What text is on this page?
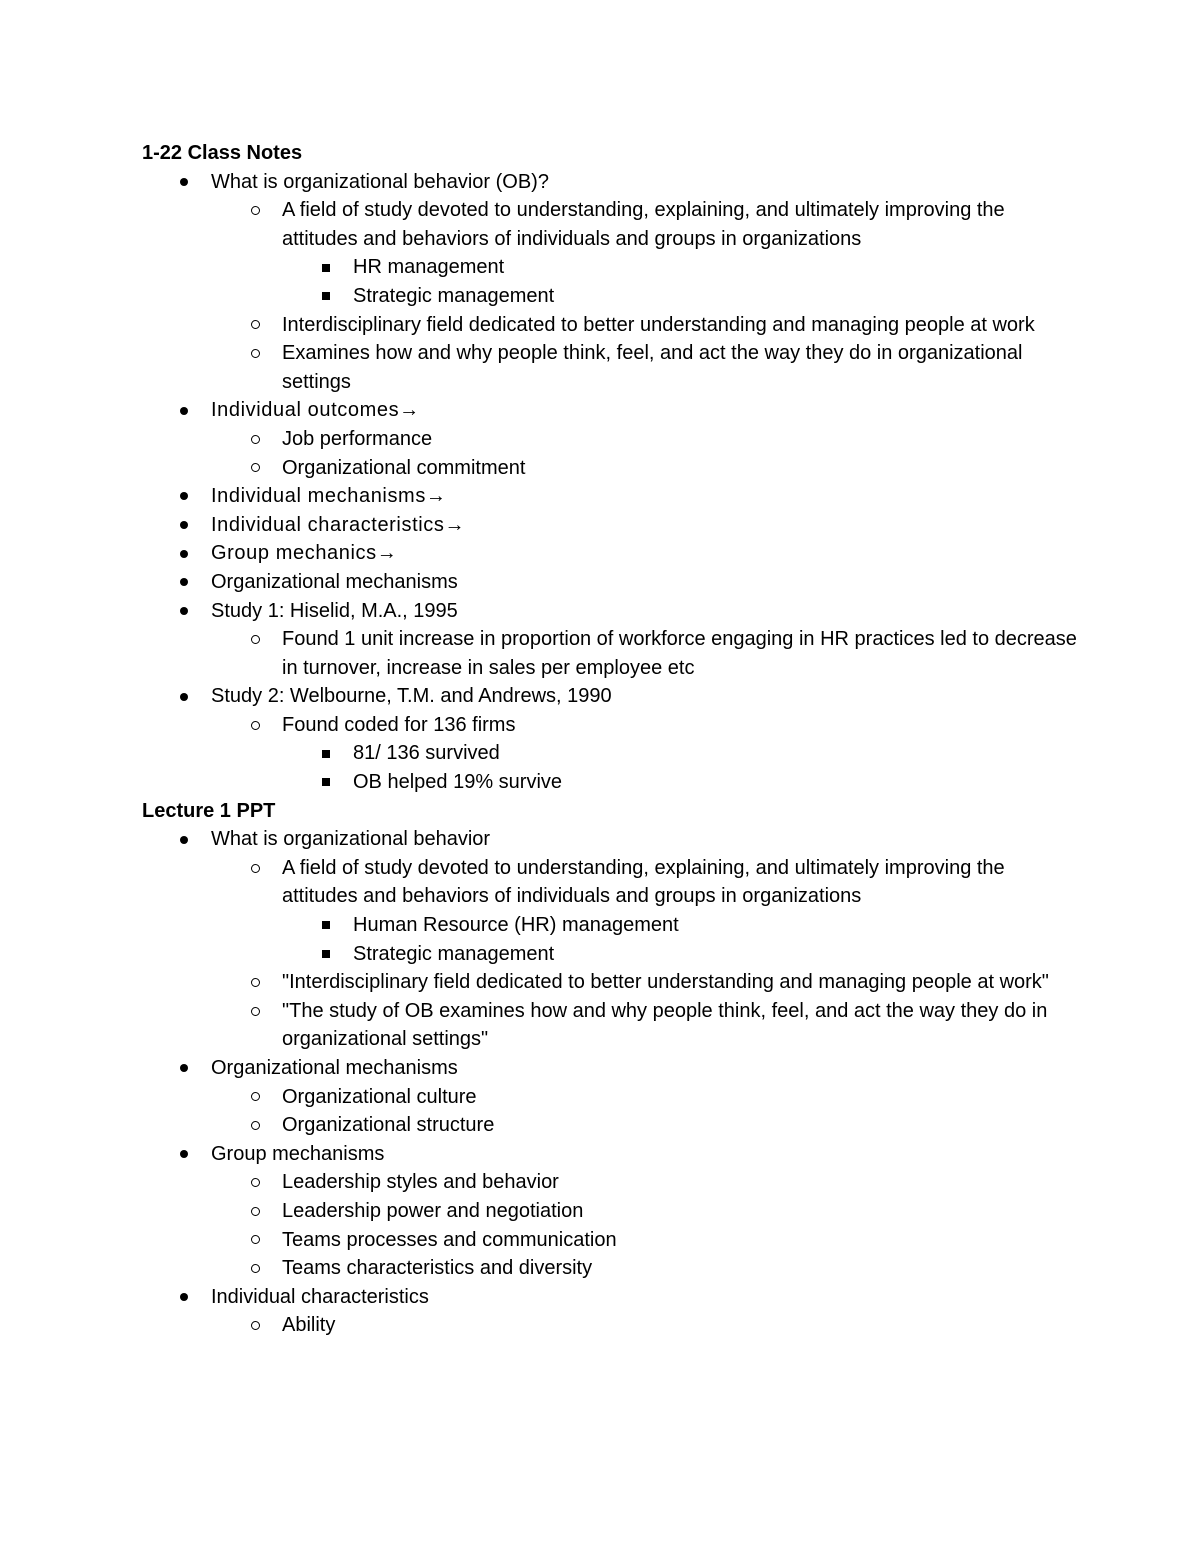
1-22 Class Notes
What is organizational behavior (OB)?
A field of study devoted to understanding, explaining, and ultimately improving the attitudes and behaviors of individuals and groups in organizations
HR management
Strategic management
Interdisciplinary field dedicated to better understanding and managing people at work
Examines how and why people think, feel, and act the way they do in organizational settings
Individual outcomes→
Job performance
Organizational commitment
Individual mechanisms→
Individual characteristics→
Group mechanics→
Organizational mechanisms
Study 1: Hiselid, M.A., 1995
Found 1 unit increase in proportion of workforce engaging in HR practices led to decrease in turnover, increase in sales per employee etc
Study 2: Welbourne, T.M. and Andrews, 1990
Found coded for 136 firms
81/ 136 survived
OB helped 19% survive
Lecture 1 PPT
What is organizational behavior
A field of study devoted to understanding, explaining, and ultimately improving the attitudes and behaviors of individuals and groups in organizations
Human Resource (HR) management
Strategic management
"Interdisciplinary field dedicated to better understanding and managing people at work"
"The study of OB examines how and why people think, feel, and act the way they do in organizational settings"
Organizational mechanisms
Organizational culture
Organizational structure
Group mechanisms
Leadership styles and behavior
Leadership power and negotiation
Teams processes and communication
Teams characteristics and diversity
Individual characteristics
Ability
